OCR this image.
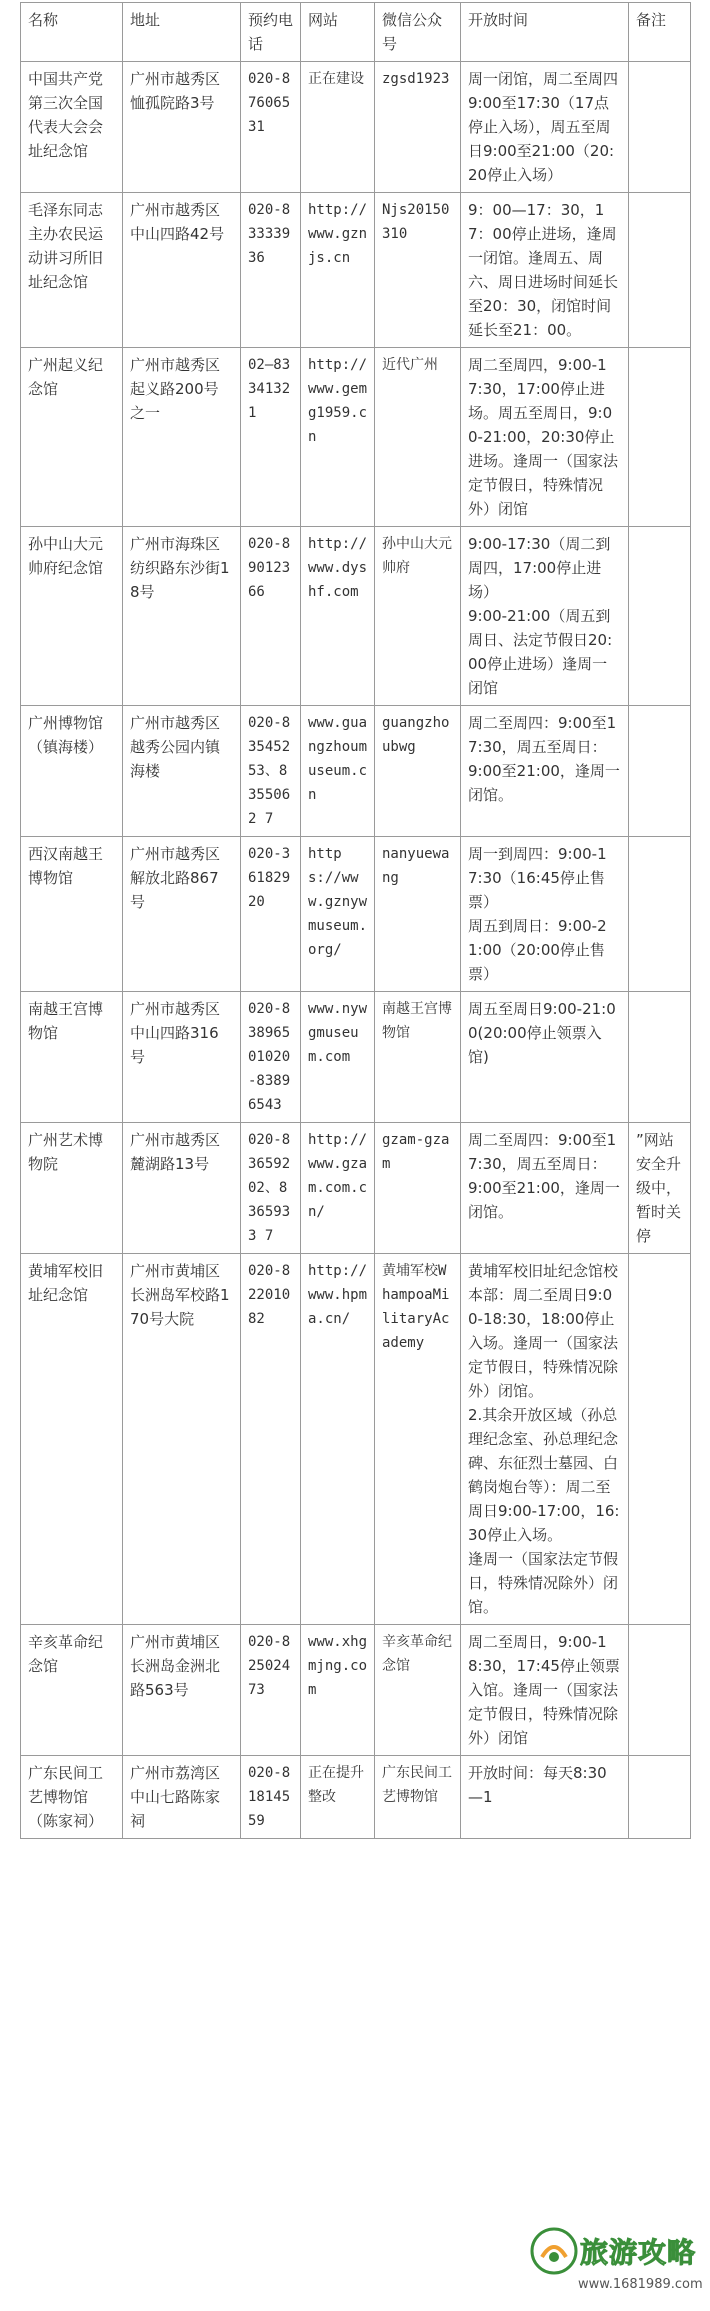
名称	地址	预约电话	网站	微信公众号	开放时间	备注
中国共产党第三次全国代表大会会址纪念馆	广州市越秀区恤孤院路3号	020-87606531	正在建设	zgsd1923	周一闭馆，周二至周四9:00至17:30（17点停止入场），周五至周日9:00至21:00（20:20停止入场）	
毛泽东同志主办农民运动讲习所旧址纪念馆	广州市越秀区中山四路42号	020-83333936	http://www.gznjs.cn	Njs20150310	9：00—17：30，17：00停止进场，逢周一闭馆。逢周五、周六、周日进场时间延长至20：30，闭馆时间延长至21：00。	
广州起义纪念馆	广州市越秀区起义路200号之一	02—83341321	http://www.gemg1959.cn	近代广州	周二至周四，9:00-17:30，17:00停止进场。周五至周日，9:00-21:00，20:30停止进场。逢周一（国家法定节假日，特殊情况外）闭馆	
孙中山大元帅府纪念馆	广州市海珠区纺织路东沙街18号	020-89012366	http://www.dyshf.com	孙中山大元帅府	9:00-17:30（周二到周四，17:00停止进场）
9:00-21:00（周五到周日、法定节假日20:00停止进场）逢周一闭馆	
广州博物馆（镇海楼）	广州市越秀区越秀公园内镇海楼	020-83545253、8355062 7	www.guangzhoumuseum.cn	guangzhoubwg	周二至周四：9:00至17:30，周五至周日：9:00至21:00，逢周一闭馆。	
西汉南越王博物馆	广州市越秀区解放北路867号	020-36182920	https://www.gznywmuseum.org/	nanyuewang	周一到周四：9:00-17:30（16:45停止售票）
周五到周日：9:00-21:00（20:00停止售票）	
南越王宫博物馆	广州市越秀区中山四路316号	020-83896501020-83896543	www.nywgmuseum.com	南越王宫博物馆	周五至周日9:00-21:00(20:00停止领票入馆)	
广州艺术博物院	广州市越秀区麓湖路13号	020-83659202、8365933 7	http://www.gzam.com.cn/	gzam-gzam	周二至周四：9:00至17:30，周五至周日：9:00至21:00，逢周一闭馆。	”网站安全升级中，暂时关停
黄埔军校旧址纪念馆	广州市黄埔区长洲岛军校路170号大院	020-82201082	http://www.hpma.cn/	黄埔军校WhampoaMilitaryAcademy	黄埔军校旧址纪念馆校本部：周二至周日9:00-18:30，18:00停止入场。逢周一（国家法定节假日，特殊情况除外）闭馆。
2.其余开放区域（孙总理纪念室、孙总理纪念碑、东征烈士墓园、白鹤岗炮台等）：周二至周日9:00-17:00，16:30停止入场。
逢周一（国家法定节假日，特殊情况除外）闭馆。	
辛亥革命纪念馆	广州市黄埔区长洲岛金洲北路563号	020-82502473	www.xhgmjng.com	辛亥革命纪念馆	周二至周日，9:00-18:30，17:45停止领票入馆。逢周一（国家法定节假日，特殊情况除外）闭馆	
广东民间工艺博物馆（陈家祠）	广州市荔湾区中山七路陈家祠	020-81814559	正在提升整改	广东民间工艺博物馆	开放时间：每天8:30—1	
旅游攻略
www.1681989.com
